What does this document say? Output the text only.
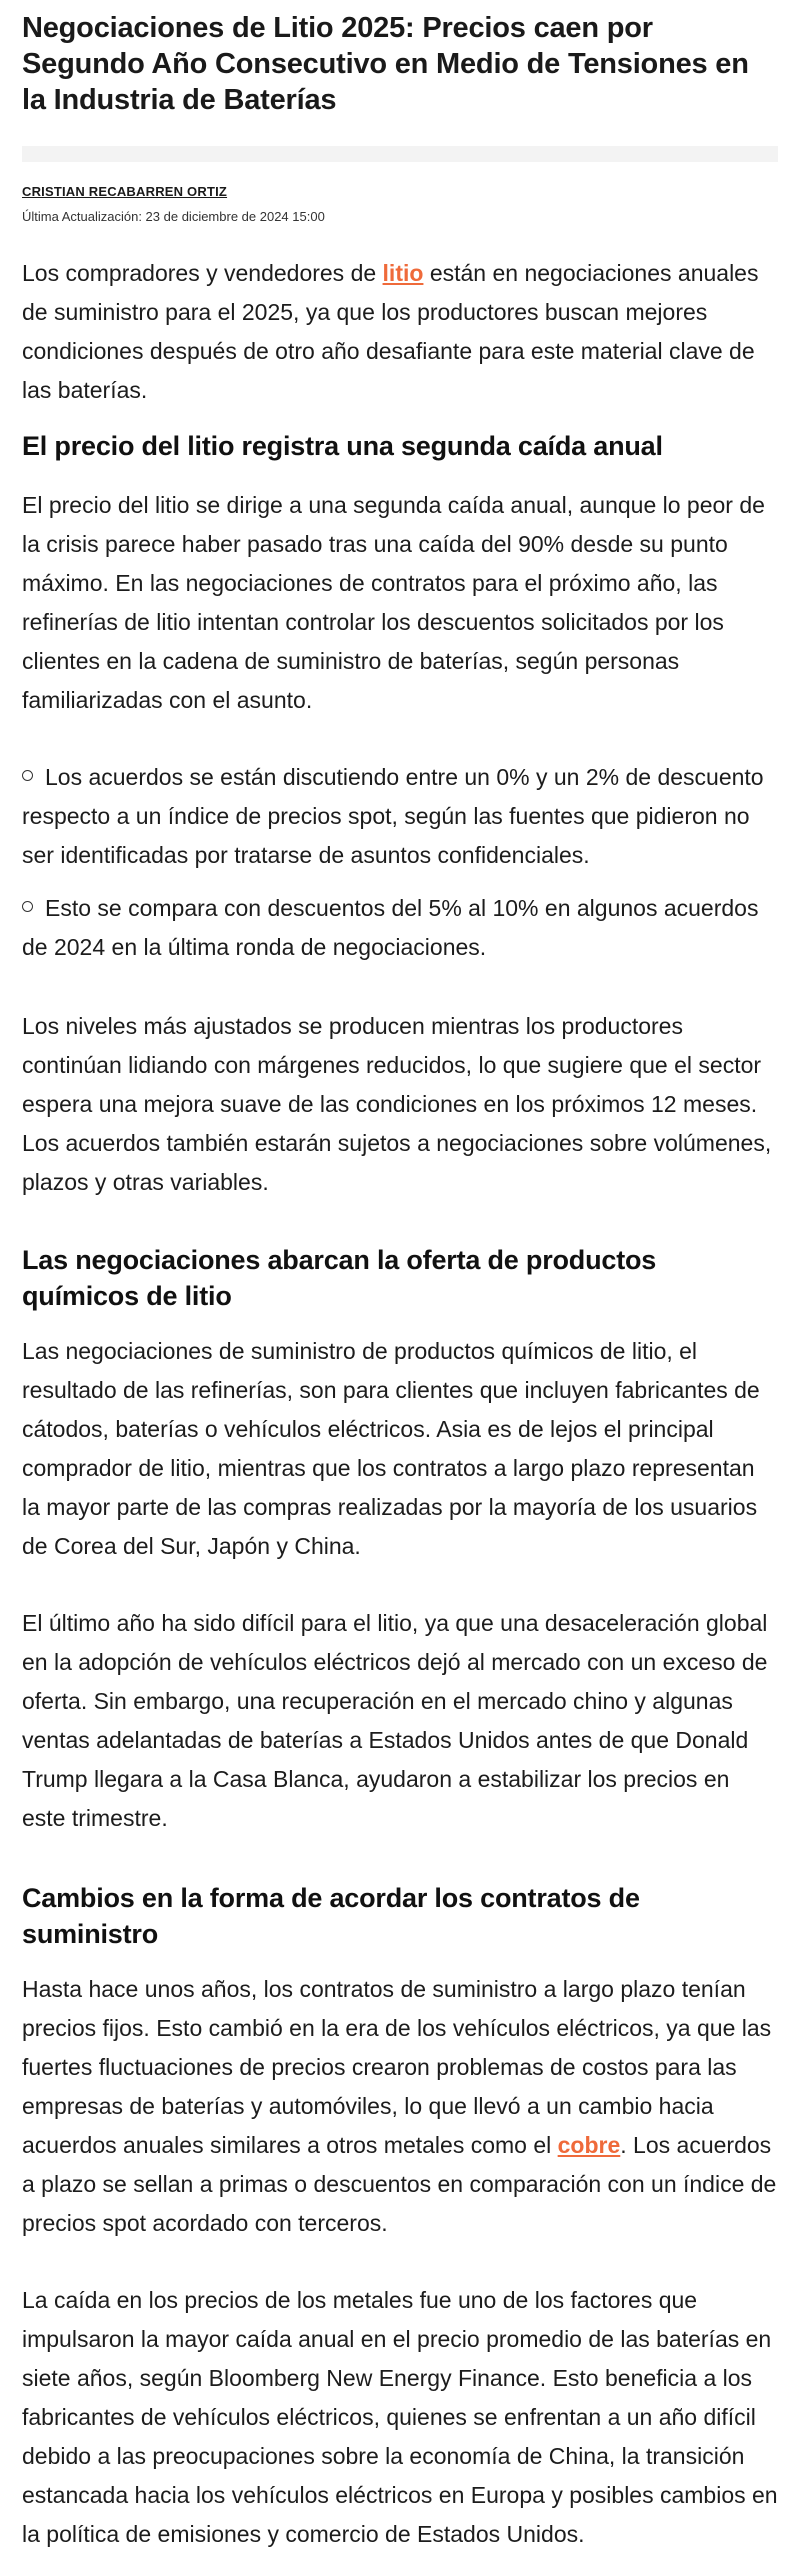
Negociaciones de Litio 2025: Precios caen por Segundo Año Consecutivo en Medio de Tensiones en la Industria de Baterías
CRISTIAN RECABARREN ORTIZ
Última Actualización: 23 de diciembre de 2024 15:00

Los compradores y vendedores de litio están en negociaciones anuales de suministro para el 2025, ya que los productores buscan mejores condiciones después de otro año desafiante para este material clave de las baterías.

El precio del litio registra una segunda caída anual

El precio del litio se dirige a una segunda caída anual, aunque lo peor de la crisis parece haber pasado tras una caída del 90% desde su punto máximo. En las negociaciones de contratos para el próximo año, las refinerías de litio intentan controlar los descuentos solicitados por los clientes en la cadena de suministro de baterías, según personas familiarizadas con el asunto.

Los acuerdos se están discutiendo entre un 0% y un 2% de descuento respecto a un índice de precios spot, según las fuentes que pidieron no ser identificadas por tratarse de asuntos confidenciales.
Esto se compara con descuentos del 5% al 10% en algunos acuerdos de 2024 en la última ronda de negociaciones.

Los niveles más ajustados se producen mientras los productores continúan lidiando con márgenes reducidos, lo que sugiere que el sector espera una mejora suave de las condiciones en los próximos 12 meses. Los acuerdos también estarán sujetos a negociaciones sobre volúmenes, plazos y otras variables.

Las negociaciones abarcan la oferta de productos químicos de litio

Las negociaciones de suministro de productos químicos de litio, el resultado de las refinerías, son para clientes que incluyen fabricantes de cátodos, baterías o vehículos eléctricos. Asia es de lejos el principal comprador de litio, mientras que los contratos a largo plazo representan la mayor parte de las compras realizadas por la mayoría de los usuarios de Corea del Sur, Japón y China.

El último año ha sido difícil para el litio, ya que una desaceleración global en la adopción de vehículos eléctricos dejó al mercado con un exceso de oferta. Sin embargo, una recuperación en el mercado chino y algunas ventas adelantadas de baterías a Estados Unidos antes de que Donald Trump llegara a la Casa Blanca, ayudaron a estabilizar los precios en este trimestre.

Cambios en la forma de acordar los contratos de suministro

Hasta hace unos años, los contratos de suministro a largo plazo tenían precios fijos. Esto cambió en la era de los vehículos eléctricos, ya que las fuertes fluctuaciones de precios crearon problemas de costos para las empresas de baterías y automóviles, lo que llevó a un cambio hacia acuerdos anuales similares a otros metales como el cobre. Los acuerdos a plazo se sellan a primas o descuentos en comparación con un índice de precios spot acordado con terceros.

La caída en los precios de los metales fue uno de los factores que impulsaron la mayor caída anual en el precio promedio de las baterías en siete años, según Bloomberg New Energy Finance. Esto beneficia a los fabricantes de vehículos eléctricos, quienes se enfrentan a un año difícil debido a las preocupaciones sobre la economía de China, la transición estancada hacia los vehículos eléctricos en Europa y posibles cambios en la política de emisiones y comercio de Estados Unidos.
